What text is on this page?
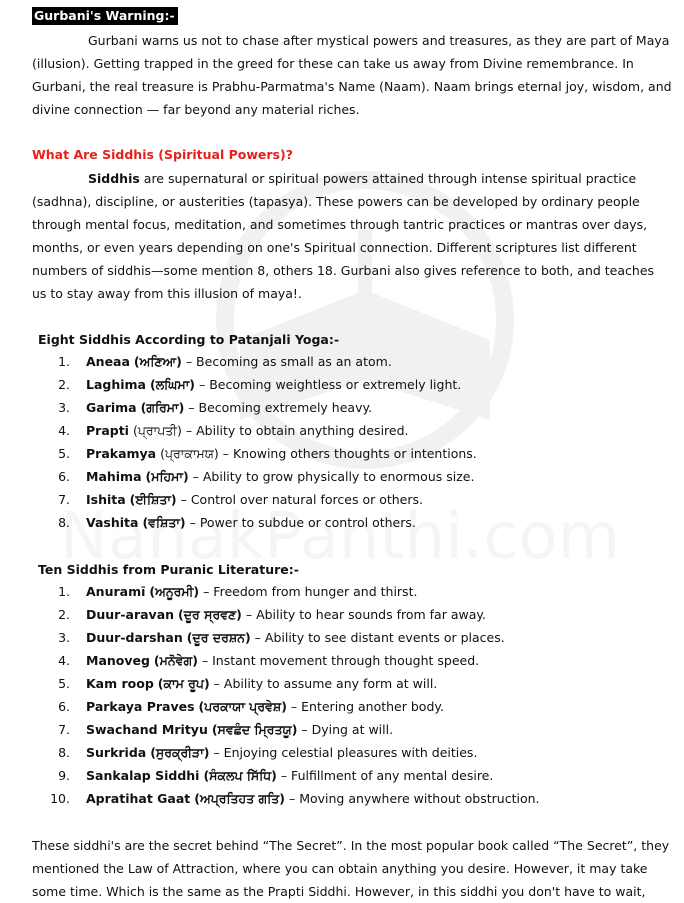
Gurbani's Warning:-

Gurbani warns us not to chase after mystical powers and treasures, as they are part of Maya (illusion). Getting trapped in the greed for these can take us away from Divine remembrance. In Gurbani, the real treasure is Prabhu-Parmatma's Name (Naam). Naam brings eternal joy, wisdom, and divine connection — far beyond any material riches.

What Are Siddhis (Spiritual Powers)?

Siddhis are supernatural or spiritual powers attained through intense spiritual practice (sadhna), discipline, or austerities (tapasya). These powers can be developed by ordinary people through mental focus, meditation, and sometimes through tantric practices or mantras over days, months, or even years depending on one's Spiritual connection. Different scriptures list different numbers of siddhis—some mention 8, others 18. Gurbani also gives reference to both, and teaches us to stay away from this illusion of maya!.

Eight Siddhis According to Patanjali Yoga:-
1. Aneaa (ਅਣਿਆ) – Becoming as small as an atom.
2. Laghima (ਲਘਿਮਾ) – Becoming weightless or extremely light.
3. Garima (ਗਰਿਮਾ) – Becoming extremely heavy.
4. Prapti (ਪ੍ਰਾਪਤੀ) – Ability to obtain anything desired.
5. Prakamya (ਪ੍ਰਾਕਾਮਯ) – Knowing others thoughts or intentions.
6. Mahima (ਮਹਿਮਾ) – Ability to grow physically to enormous size.
7. Ishita (ਈਸ਼ਿਤਾ) – Control over natural forces or others.
8. Vashita (ਵਸ਼ਿਤਾ) – Power to subdue or control others.
Ten Siddhis from Puranic Literature:-
1. Anuramī (ਅਨੂਰਮੀ) – Freedom from hunger and thirst.
2. Duur-aravan (ਦੂਰ ਸ੍ਰਵਣ) – Ability to hear sounds from far away.
3. Duur-darshan (ਦੂਰ ਦਰਸ਼ਨ) – Ability to see distant events or places.
4. Manoveg (ਮਨੋਵੇਗ) – Instant movement through thought speed.
5. Kam roop (ਕਾਮ ਰੂਪ) – Ability to assume any form at will.
6. Parkaya Praves (ਪਰਕਾਯਾ ਪ੍ਰਵੇਸ਼) – Entering another body.
7. Swachand Mrityu (ਸਵਛੰਦ ਮ੍ਰਿਤਯੂ) – Dying at will.
8. Surkrida (ਸੁਰਕ੍ਰੀੜਾ) – Enjoying celestial pleasures with deities.
9. Sankalap Siddhi (ਸੰਕਲਪ ਸਿੱਧਿ) – Fulfillment of any mental desire.
10. Apratihat Gaat (ਅਪ੍ਰਤਿਹਤ ਗਤਿ) – Moving anywhere without obstruction.

These siddhi's are the secret behind “The Secret”. In the most popular book called “The Secret”, they mentioned the Law of Attraction, where you can obtain anything you desire. However, it may take some time. Which is the same as the Prapti Siddhi. However, in this siddhi you don't have to wait,
